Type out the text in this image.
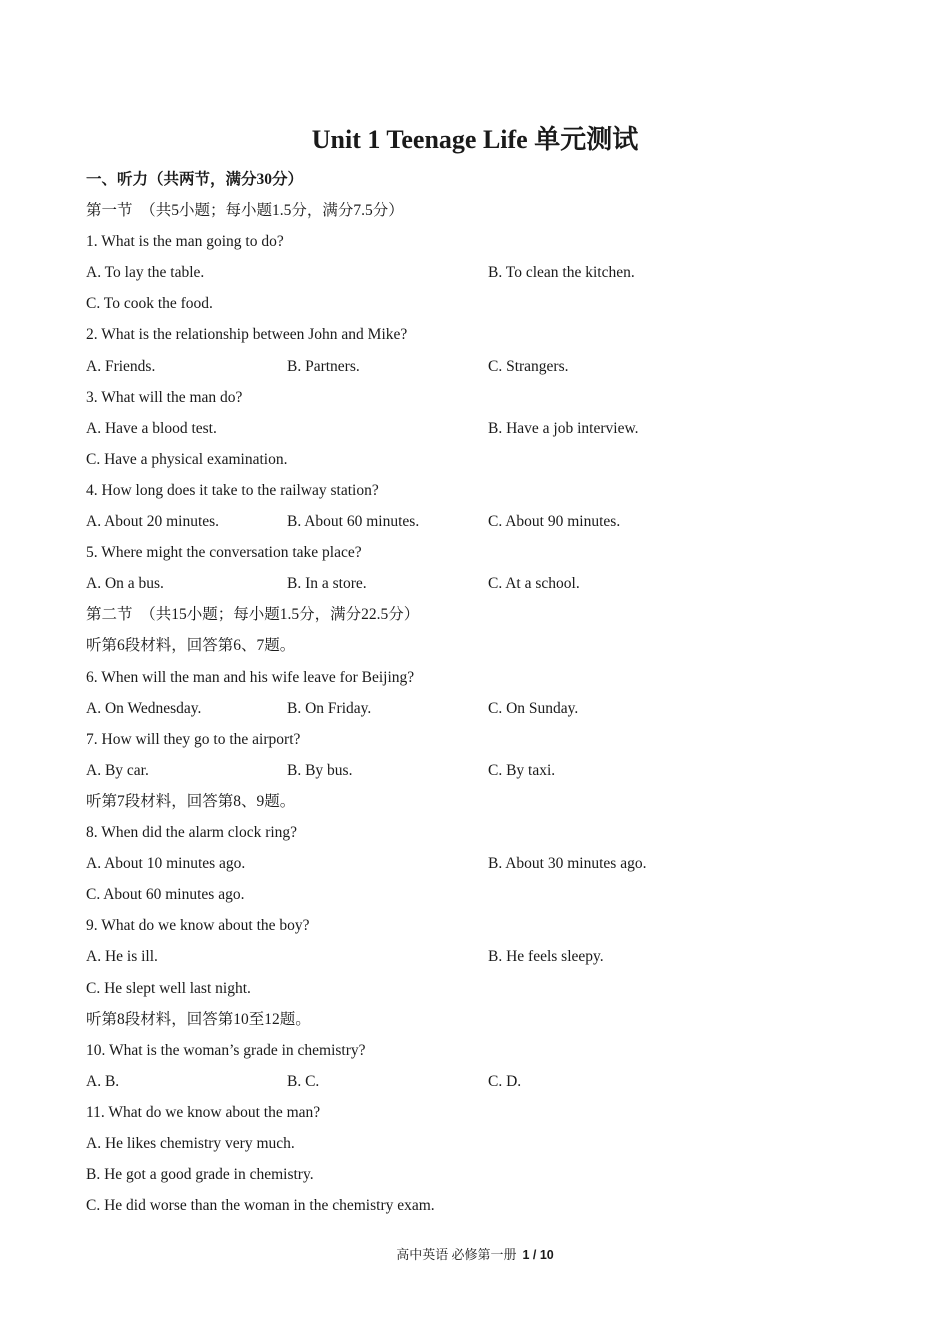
Unit 1 Teenage Life 单元测试
一、听力（共两节，满分30分）
第一节　（共5小题；每小题1.5分，满分7.5分）
1. What is the man going to do?
A. To lay the table.	B. To clean the kitchen.
C. To cook the food.
2. What is the relationship between John and Mike?
A. Friends.	B. Partners.	C. Strangers.
3. What will the man do?
A. Have a blood test.	B. Have a job interview.
C. Have a physical examination.
4. How long does it take to the railway station?
A. About 20 minutes.	B. About 60 minutes.	C. About 90 minutes.
5. Where might the conversation take place?
A. On a bus.	B. In a store.	C. At a school.
第二节　（共15小题；每小题1.5分，满分22.5分）
听第6段材料，回答第6、7题。
6. When will the man and his wife leave for Beijing?
A. On Wednesday.	B. On Friday.	C. On Sunday.
7. How will they go to the airport?
A. By car.	B. By bus.	C. By taxi.
听第7段材料，回答第8、9题。
8. When did the alarm clock ring?
A. About 10 minutes ago.	B. About 30 minutes ago.
C. About 60 minutes ago.
9. What do we know about the boy?
A. He is ill.	B. He feels sleepy.
C. He slept well last night.
听第8段材料，回答第10至12题。
10. What is the woman’s grade in chemistry?
A. B.	B. C.	C. D.
11. What do we know about the man?
A. He likes chemistry very much.
B. He got a good grade in chemistry.
C. He did worse than the woman in the chemistry exam.
高中英语 必修第一册 1 / 10
